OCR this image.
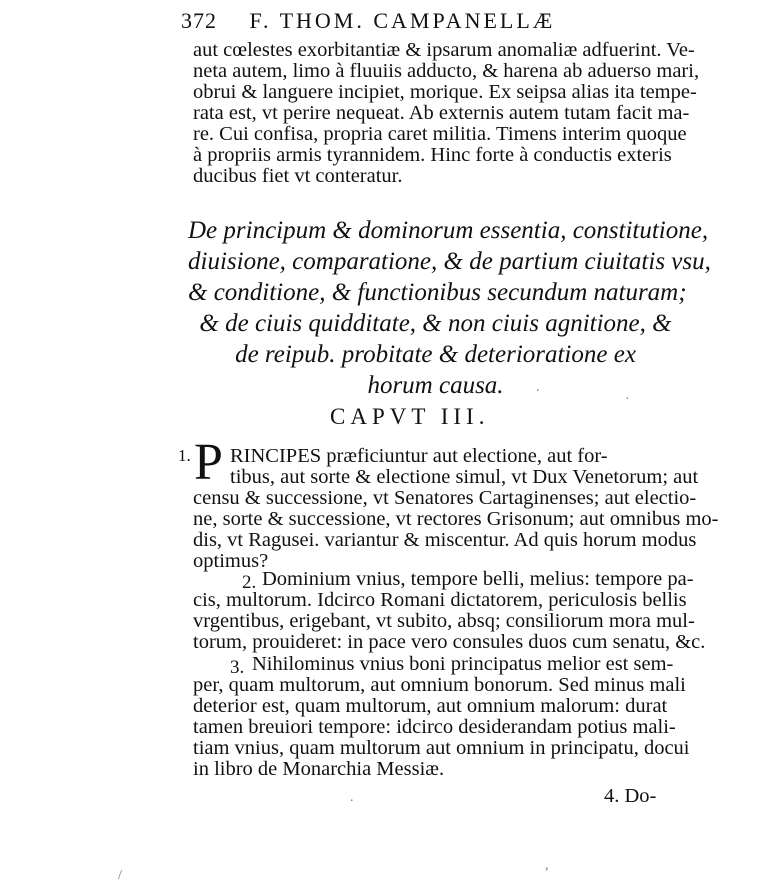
372 F. THOM. CAMPANELLÆ
aut cœlestes exorbitantiæ & ipsarum anomaliæ adfuerint. Ve-
neta autem, limo à fluuiis adducto, & harena ab aduerso mari,
obrui & languere incipiet, morique. Ex seipsa alias ita tempe-
rata est, vt perire nequeat. Ab externis autem tutam facit ma-
re. Cui confisa, propria caret militia. Timens interim quoque
à propriis armis tyrannidem. Hinc forte à conductis exteris
ducibus fiet vt conteratur.
De principum & dominorum essentia, constitutione,
diuisione, comparatione, & de partium ciuitatis vsu,
& conditione, & functionibus secundum naturam;
& de ciuis quidditate, & non ciuis agnitione, &
de reipub. probitate & deterioratione ex
horum causa.
CAPVT III.
1. P RINCIPES præficiuntur aut electione, aut for-
tibus, aut sorte & electione simul, vt Dux Venetorum; aut
censu & successione, vt Senatores Cartaginenses; aut electio-
ne, sorte & successione, vt rectores Grisonum; aut omnibus mo-
dis, vt Ragusei. variantur & miscentur. Ad quis horum modus
optimus?
2. Dominium vnius, tempore belli, melius: tempore pa-
cis, multorum. Idcirco Romani dictatorem, periculosis bellis
vrgentibus, erigebant, vt subito, absq; consiliorum mora mul-
torum, prouideret: in pace vero consules duos cum senatu, &c.
3. Nihilominus vnius boni principatus melior est sem-
per, quam multorum, aut omnium bonorum. Sed minus mali
deterior est, quam multorum, aut omnium malorum: durat
tamen breuiori tempore: idcirco desiderandam potius mali-
tiam vnius, quam multorum aut omnium in principatu, docui
in libro de Monarchia Messiæ.
4. Do-
.
·
.
,
/
